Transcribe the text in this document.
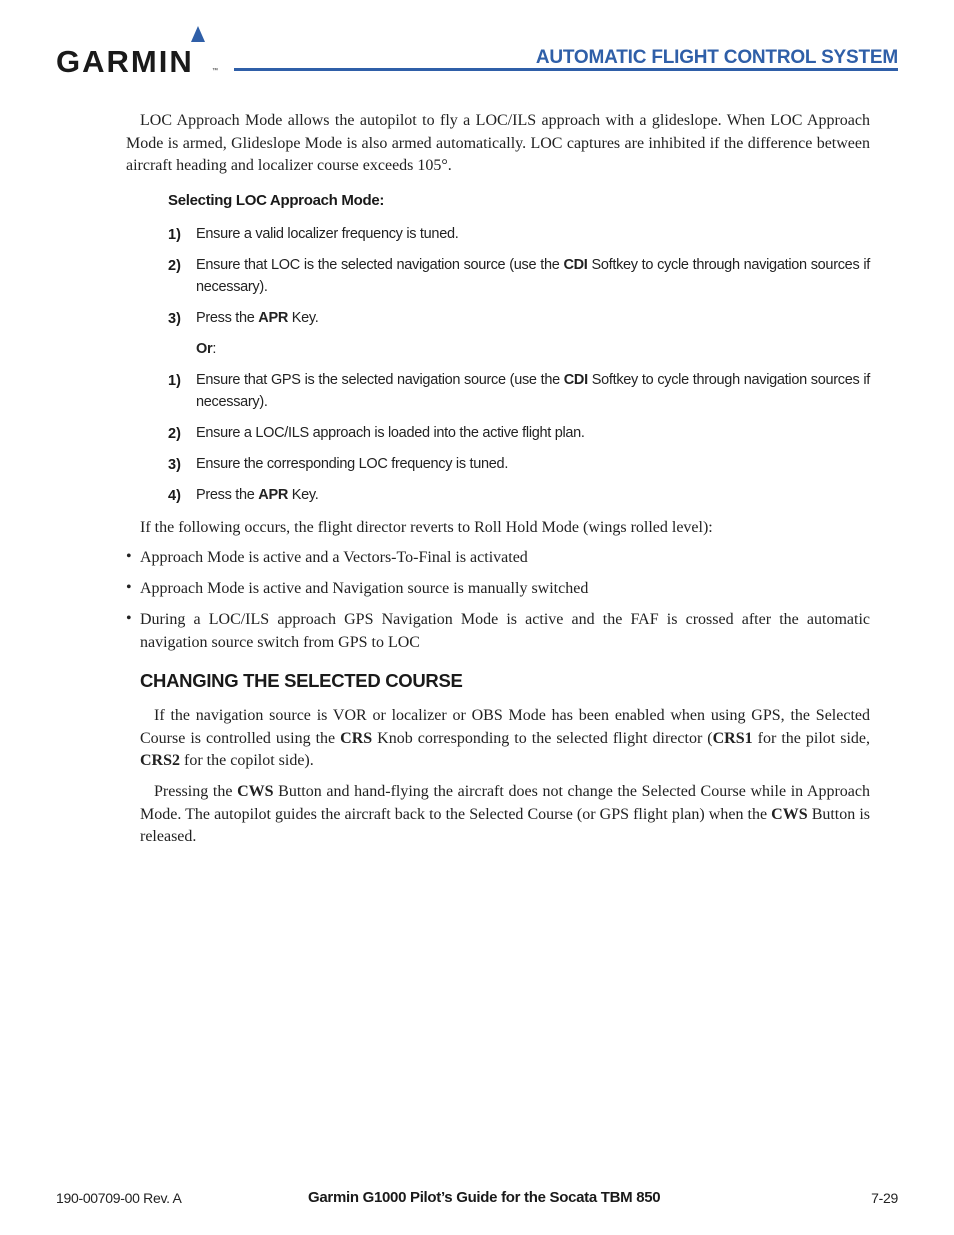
GARMIN	™
AUTOMATIC FLIGHT CONTROL SYSTEM
LOC Approach Mode allows the autopilot to fly a LOC/ILS approach with a glideslope. When LOC Approach Mode is armed, Glideslope Mode is also armed automatically. LOC captures are inhibited if the difference between aircraft heading and localizer course exceeds 105°.
Selecting LOC Approach Mode:
1) Ensure a valid localizer frequency is tuned.
2) Ensure that LOC is the selected navigation source (use the CDI Softkey to cycle through navigation sources if necessary).
3) Press the APR Key.
Or:
1) Ensure that GPS is the selected navigation source (use the CDI Softkey to cycle through navigation sources if necessary).
2) Ensure a LOC/ILS approach is loaded into the active flight plan.
3) Ensure the corresponding LOC frequency is tuned.
4) Press the APR Key.
If the following occurs, the flight director reverts to Roll Hold Mode (wings rolled level):
• Approach Mode is active and a Vectors-To-Final is activated
• Approach Mode is active and Navigation source is manually switched
• During a LOC/ILS approach GPS Navigation Mode is active and the FAF is crossed after the automatic navigation source switch from GPS to LOC
CHANGING THE SELECTED COURSE
If the navigation source is VOR or localizer or OBS Mode has been enabled when using GPS, the Selected Course is controlled using the CRS Knob corresponding to the selected flight director (CRS1 for the pilot side, CRS2 for the copilot side).
Pressing the CWS Button and hand-flying the aircraft does not change the Selected Course while in Approach Mode. The autopilot guides the aircraft back to the Selected Course (or GPS flight plan) when the CWS Button is released.
190-00709-00 Rev. A	Garmin G1000 Pilot’s Guide for the Socata TBM 850	7-29
